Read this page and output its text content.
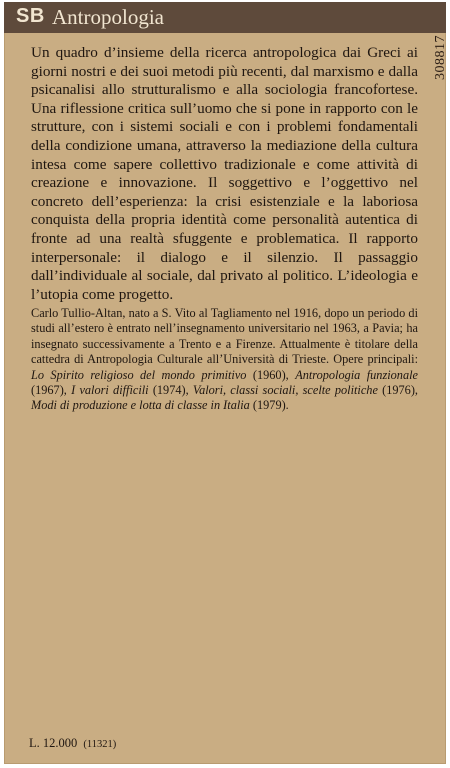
SB Antropologia
308817

Un quadro d’insieme della ricerca antropologica dai Greci ai giorni nostri e dei suoi metodi più recenti, dal marxismo e dalla psicanalisi allo strutturalismo e alla sociologia francofortese. Una riflessione critica sull’uomo che si pone in rapporto con le strutture, con i sistemi sociali e con i problemi fondamentali della condizione umana, attraverso la mediazione della cultura intesa come sapere collettivo tradizionale e come attività di creazione e innovazione. Il soggettivo e l’oggettivo nel concreto dell’esperienza: la crisi esistenziale e la laboriosa conquista della propria identità come personalità autentica di fronte ad una realtà sfuggente e problematica. Il rapporto interpersonale: il dialogo e il silenzio. Il passaggio dall’individuale al sociale, dal privato al politico. L’ideologia e l’utopia come progetto.

Carlo Tullio-Altan, nato a S. Vito al Tagliamento nel 1916, dopo un periodo di studi all’estero è entrato nell’insegnamento universitario nel 1963, a Pavia; ha insegnato successivamente a Trento e a Firenze. Attualmente è titolare della cattedra di Antropologia Culturale all’Università di Trieste. Opere principali: Lo Spirito religioso del mondo primitivo (1960), Antropologia funzionale (1967), I valori difficili (1974), Valori, classi sociali, scelte politiche (1976), Modi di produzione e lotta di classe in Italia (1979).

L. 12.000 (11321)
